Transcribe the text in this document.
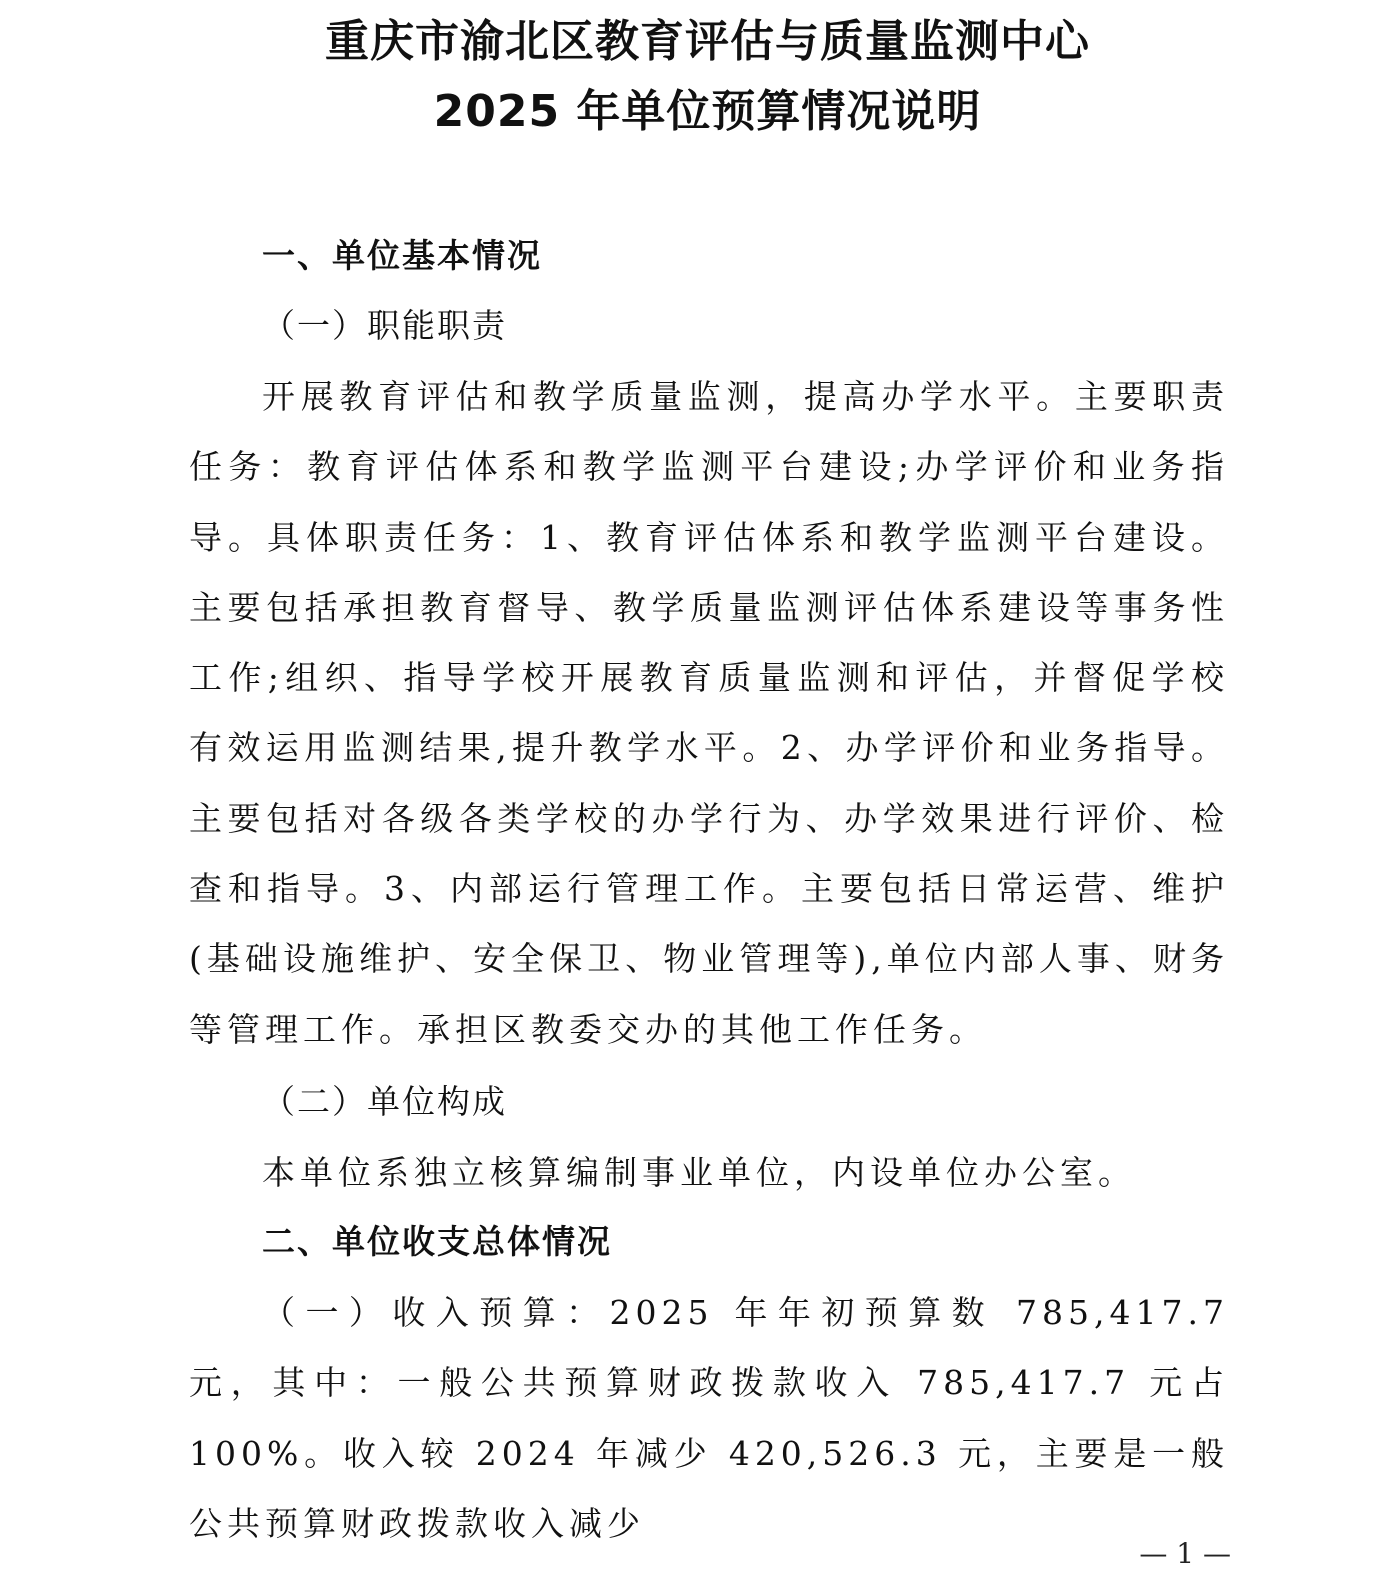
重庆市渝北区教育评估与质量监测中心
2025 年单位预算情况说明
一、单位基本情况
（一）职能职责

开展教育评估和教学质量监测，提高办学水平。主要职责任务：教育评估体系和教学监测平台建设;办学评价和业务指导。具体职责任务：1、教育评估体系和教学监测平台建设。主要包括承担教育督导、教学质量监测评估体系建设等事务性工作;组织、指导学校开展教育质量监测和评估，并督促学校有效运用监测结果,提升教学水平。2、办学评价和业务指导。主要包括对各级各类学校的办学行为、办学效果进行评价、检查和指导。3、内部运行管理工作。主要包括日常运营、维护(基础设施维护、安全保卫、物业管理等),单位内部人事、财务等管理工作。承担区教委交办的其他工作任务。

（二）单位构成

本单位系独立核算编制事业单位，内设单位办公室。

二、单位收支总体情况

（一）收入预算：2025 年年初预算数 785,417.7 元，其中：一般公共预算财政拨款收入 785,417.7 元占 100%。收入较 2024 年减少 420,526.3 元，主要是一般公共预算财政拨款收入减少

— 1 —
